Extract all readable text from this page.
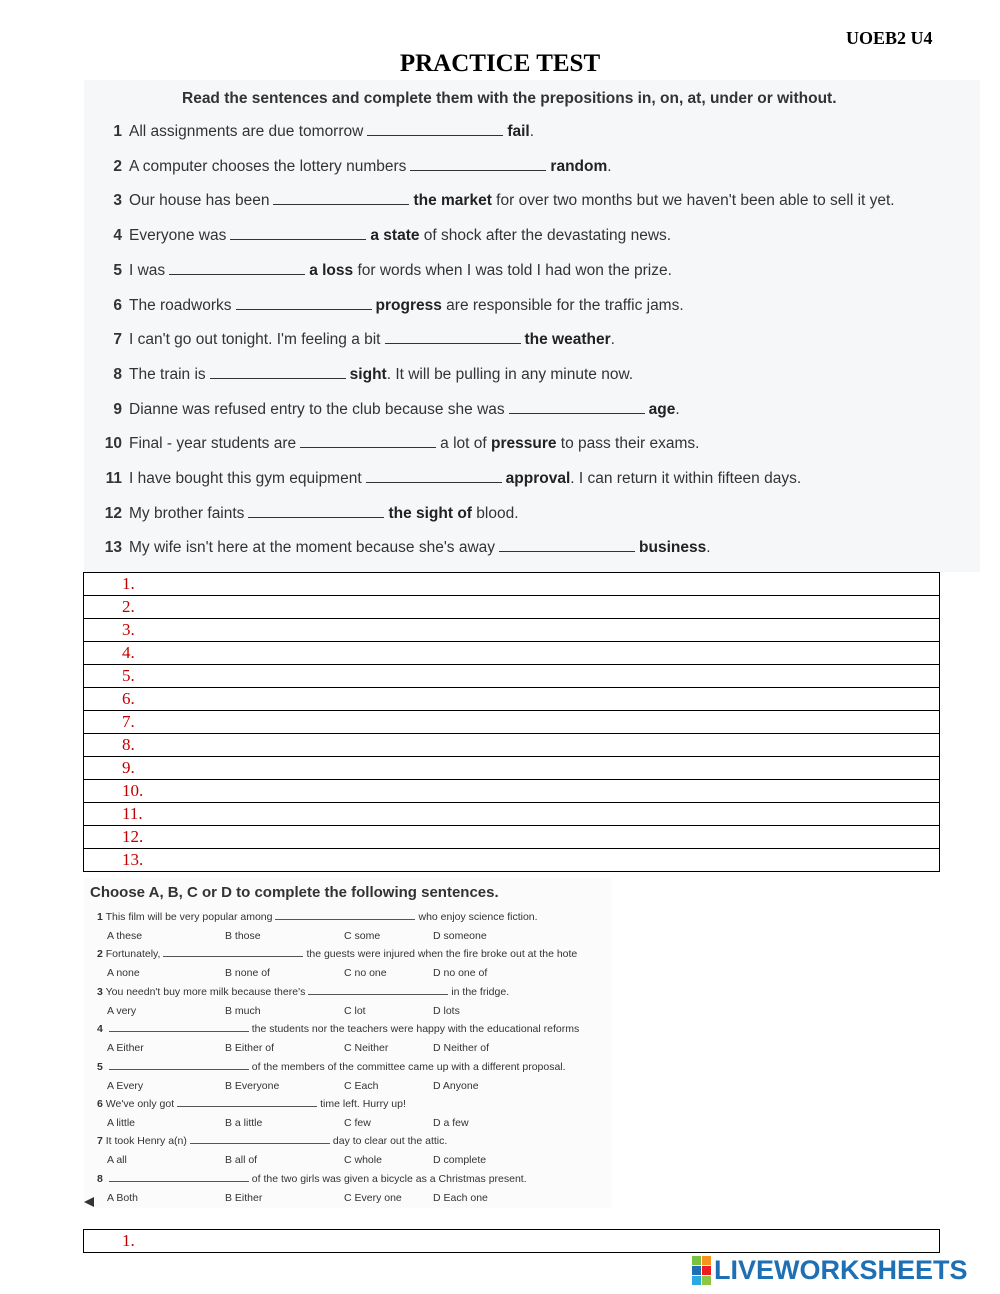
UOEB2 U4
PRACTICE TEST
Read the sentences and complete them with the prepositions in, on, at, under or without.
1 All assignments are due tomorrow	fail.
2 A computer chooses the lottery numbers	random.
3 Our house has been	the market for over two months but we haven't been able to sell it yet.
4 Everyone was	a state of shock after the devastating news.
5 I was	a loss for words when I was told I had won the prize.
6 The roadworks	progress are responsible for the traffic jams.
7 I can't go out tonight. I'm feeling a bit	the weather.
8 The train is	sight. It will be pulling in any minute now.
9 Dianne was refused entry to the club because she was	age.
10 Final - year students are	a lot of pressure to pass their exams.
11 I have bought this gym equipment	approval. I can return it within fifteen days.
12 My brother faints	the sight of blood.
13 My wife isn't here at the moment because she's away	business.
1.
2.
3.
4.
5.
6.
7.
8.
9.
10.
11.
12.
13.
Choose A, B, C or D to complete the following sentences.
1 This film will be very popular among	who enjoy science fiction.
A these	B those	C some	D someone
2 Fortunately,	the guests were injured when the fire broke out at the hote
A none	B none of	C no one	D no one of
3 You needn't buy more milk because there's	in the fridge.
A very	B much	C lot	D lots
4	the students nor the teachers were happy with the educational reforms
A Either	B Either of	C Neither	D Neither of
5	of the members of the committee came up with a different proposal.
A Every	B Everyone	C Each	D Anyone
6 We've only got	time left. Hurry up!
A little	B a little	C few	D a few
7 It took Henry a(n)	day to clear out the attic.
A all	B all of	C whole	D complete
8	of the two girls was given a bicycle as a Christmas present.
A Both	B Either	C Every one	D Each one
1.
LIVEWORKSHEETS
